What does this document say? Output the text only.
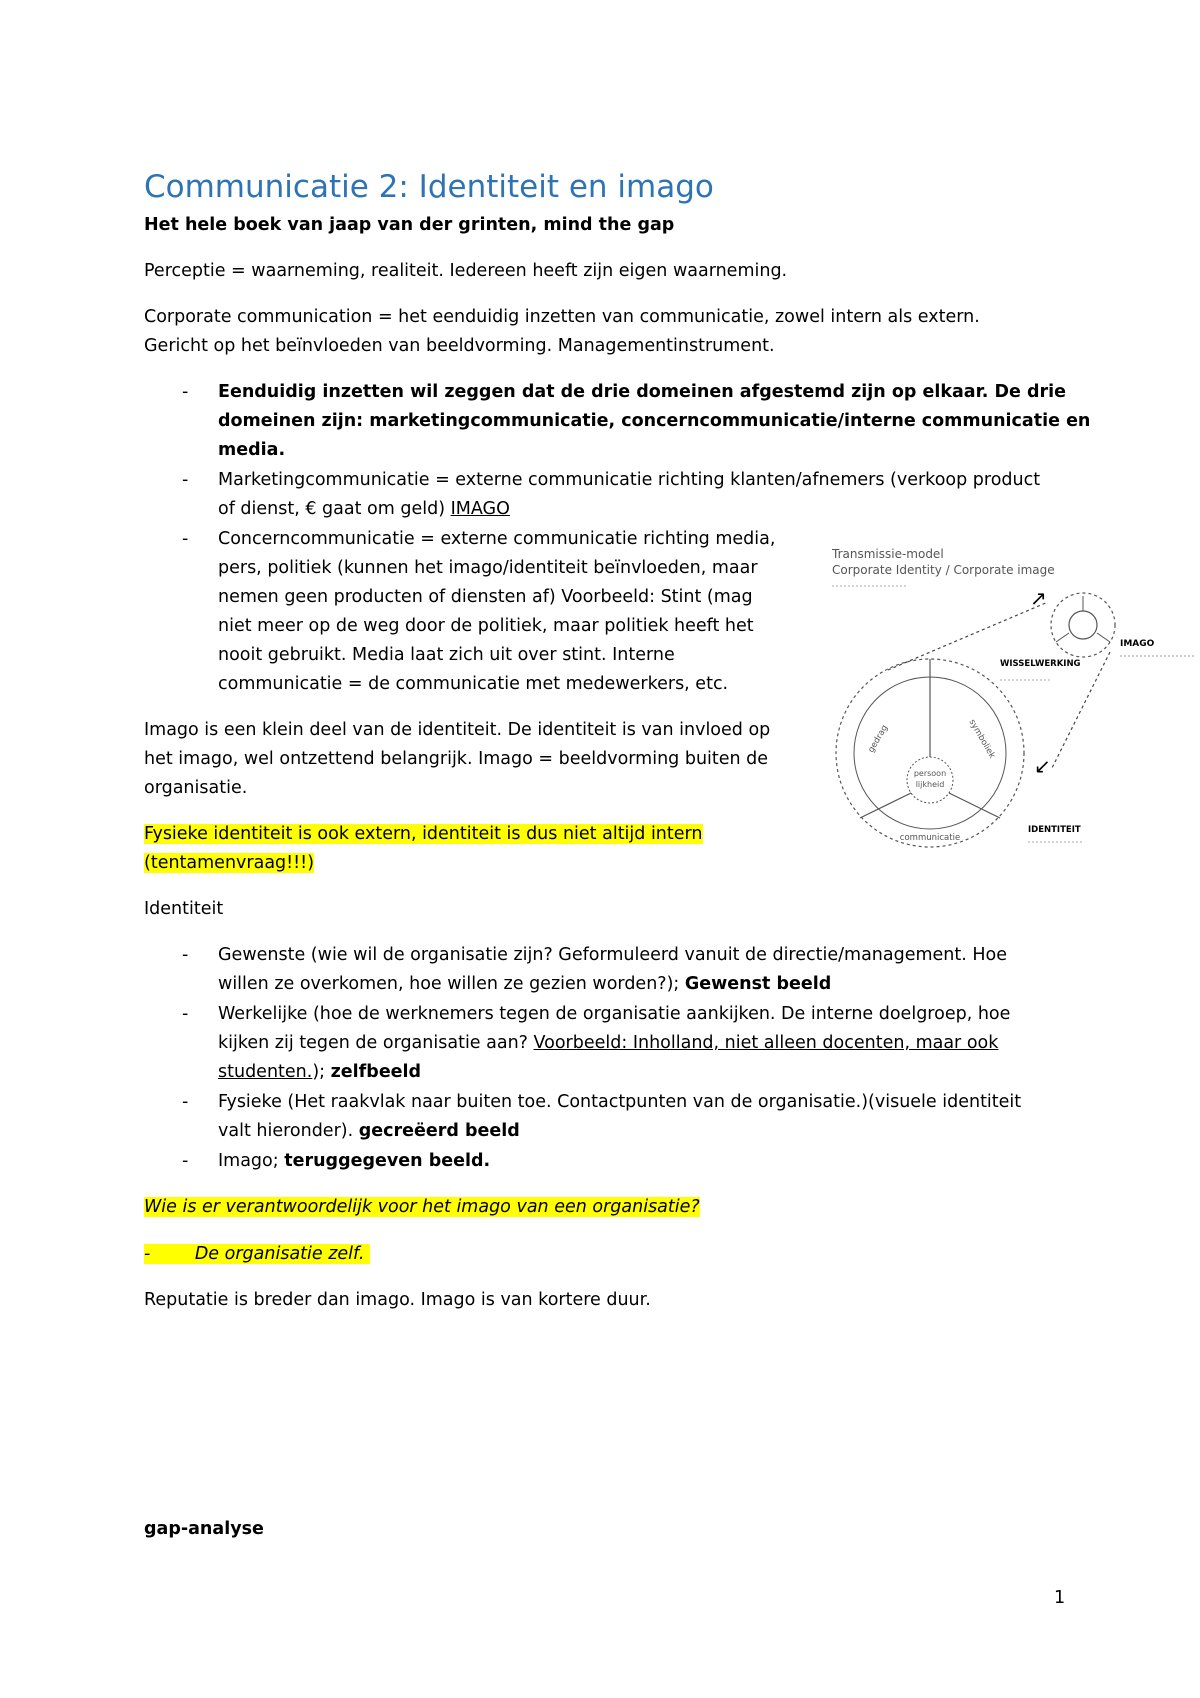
Communicatie 2: Identiteit en imago

Het hele boek van jaap van der grinten, mind the gap

Perceptie = waarneming, realiteit. Iedereen heeft zijn eigen waarneming.

Corporate communication = het eenduidig inzetten van communicatie, zowel intern als extern.

Gericht op het beïnvloeden van beeldvorming. Managementinstrument.

- Eenduidig inzetten wil zeggen dat de drie domeinen afgestemd zijn op elkaar. De drie

domeinen zijn: marketingcommunicatie, concerncommunicatie/interne communicatie en

media.

- Marketingcommunicatie = externe communicatie richting klanten/afnemers (verkoop product

of dienst, € gaat om geld) IMAGO

- Concerncommunicatie = externe communicatie richting media,

pers, politiek (kunnen het imago/identiteit beïnvloeden, maar

nemen geen producten of diensten af) Voorbeeld: Stint (mag

niet meer op de weg door de politiek, maar politiek heeft het

nooit gebruikt. Media laat zich uit over stint. Interne

communicatie = de communicatie met medewerkers, etc.

Imago is een klein deel van de identiteit. De identiteit is van invloed op

het imago, wel ontzettend belangrijk. Imago = beeldvorming buiten de

organisatie.

Fysieke identiteit is ook extern, identiteit is dus niet altijd intern

(tentamenvraag!!!)

Identiteit

- Gewenste (wie wil de organisatie zijn? Geformuleerd vanuit de directie/management. Hoe

willen ze overkomen, hoe willen ze gezien worden?); Gewenst beeld

- Werkelijke (hoe de werknemers tegen de organisatie aankijken. De interne doelgroep, hoe

kijken zij tegen de organisatie aan? Voorbeeld: Inholland, niet alleen docenten, maar ook

studenten.); zelfbeeld

- Fysieke (Het raakvlak naar buiten toe. Contactpunten van de organisatie.)(visuele identiteit

valt hieronder). gecreëerd beeld

- Imago; teruggegeven beeld.

Wie is er verantwoordelijk voor het imago van een organisatie?

-        De organisatie zelf.

Reputatie is breder dan imago. Imago is van kortere duur.

gap-analyse

1
Transmissie-model
Corporate Identity / Corporate image
IMAGO
↗
↙
WISSELWERKING
persoon
lijkheid
communicatie
gedrag	symboliek
IDENTITEIT
